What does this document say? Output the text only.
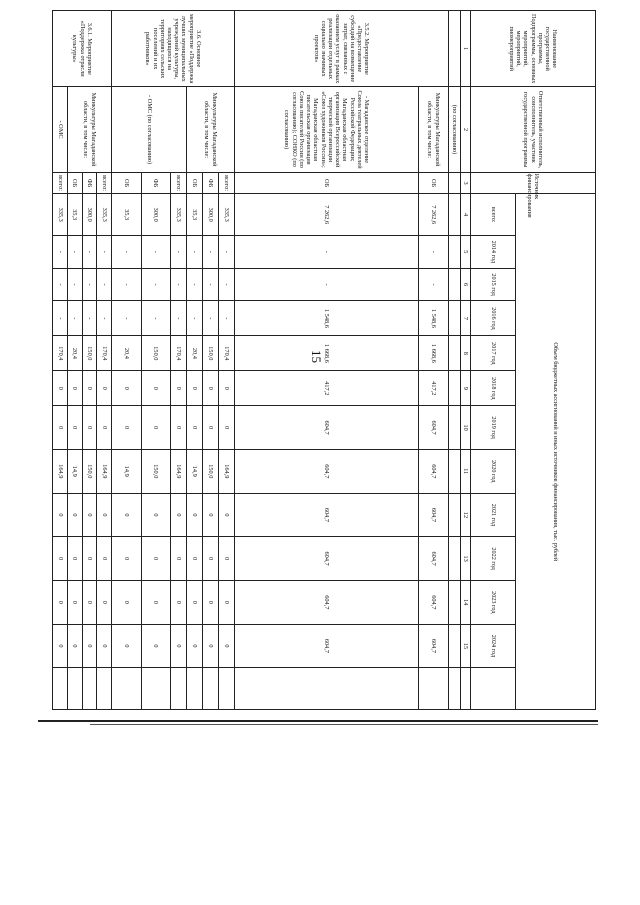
15
Наименование государственной программы, Подпрограммы, основных мероприятий, мероприятий, пиомероприятий	Ответственный исполнитель, соисполнитель, участник государственной программы	Источник финансирования	Объем бюджетных ассигнований и иных источников финансирования, тыс. рублей												
			всего:	2014 год	2015 год	2016 год	2017 год	2018 год	2019 год	2020 год	2021 год	2022 год	2023 год	2024 год	
1	2	3	4	5	6	7	8	9	10	11	12	13	14	15	
	(по согласованию)														
3.5.2. Мероприятие «Предоставление субсидий на возмещение затрат, связанных с оказанием услуг в рамках реализации отдельных социально значимых проектов»	Минкультуры Магаданской области, в том числе:	ОБ	7 262,6	-	-	1 548,6	1 668,6	417,2	604,7	604,7	604,7	604,7	604,7	604,7	
	- Магаданское отделение Союза театральных деятелей Российской Федерации; Магаданская областная организация Всероссийской творческой организации «Союз художников России»; Магаданская областная писательская организация Союза писателей России (по согласованию); СОНКО (по согласованию)	ОБ	7 262,6	-	-	1 548,6	1 668,6	417,2	604,7	604,7	604,7	604,7	604,7	604,7	
3.6. Основное мероприятие «Поддержка лучших муниципальных учреждений культуры, находящихся на территориях сельских поселений и их работников»	Минкультуры Магаданской области, в том числе:	всего:	335,3	-	-	-	170,4	0	0	164,9	0	0	0	0	
		ФБ	300,0	-	-	-	150,0	0	0	150,0	0	0	0	0	
		ОБ	35,3	-	-	-	20,4	0	0	14,9	0	0	0	0	
	- ОМС (по согласованию)	всего:	335,3	-	-	-	170,4	0	0	164,9	0	0	0	0	
		ФБ	300,0	-	-	-	150,0	0	0	150,0	0	0	0	0	
		ОБ	35,3	-	-	-	20,4	0	0	14,9	0	0	0	0	
3.6.1. Мероприятие «Поддержка отрасли культуры»	Минкультуры Магаданской области, в том числе:	всего:	335,3	-	-	-	170,4	0	0	164,9	0	0	0	0	
		ФБ	300,0	-	-	-	150,0	0	0	150,0	0	0	0	0	
		ОБ	35,3	-	-	-	20,4	0	0	14,9	0	0	0	0	
	- ОМС	всего:	335,3	-	-	-	170,4	0	0	164,9	0	0	0	0	
